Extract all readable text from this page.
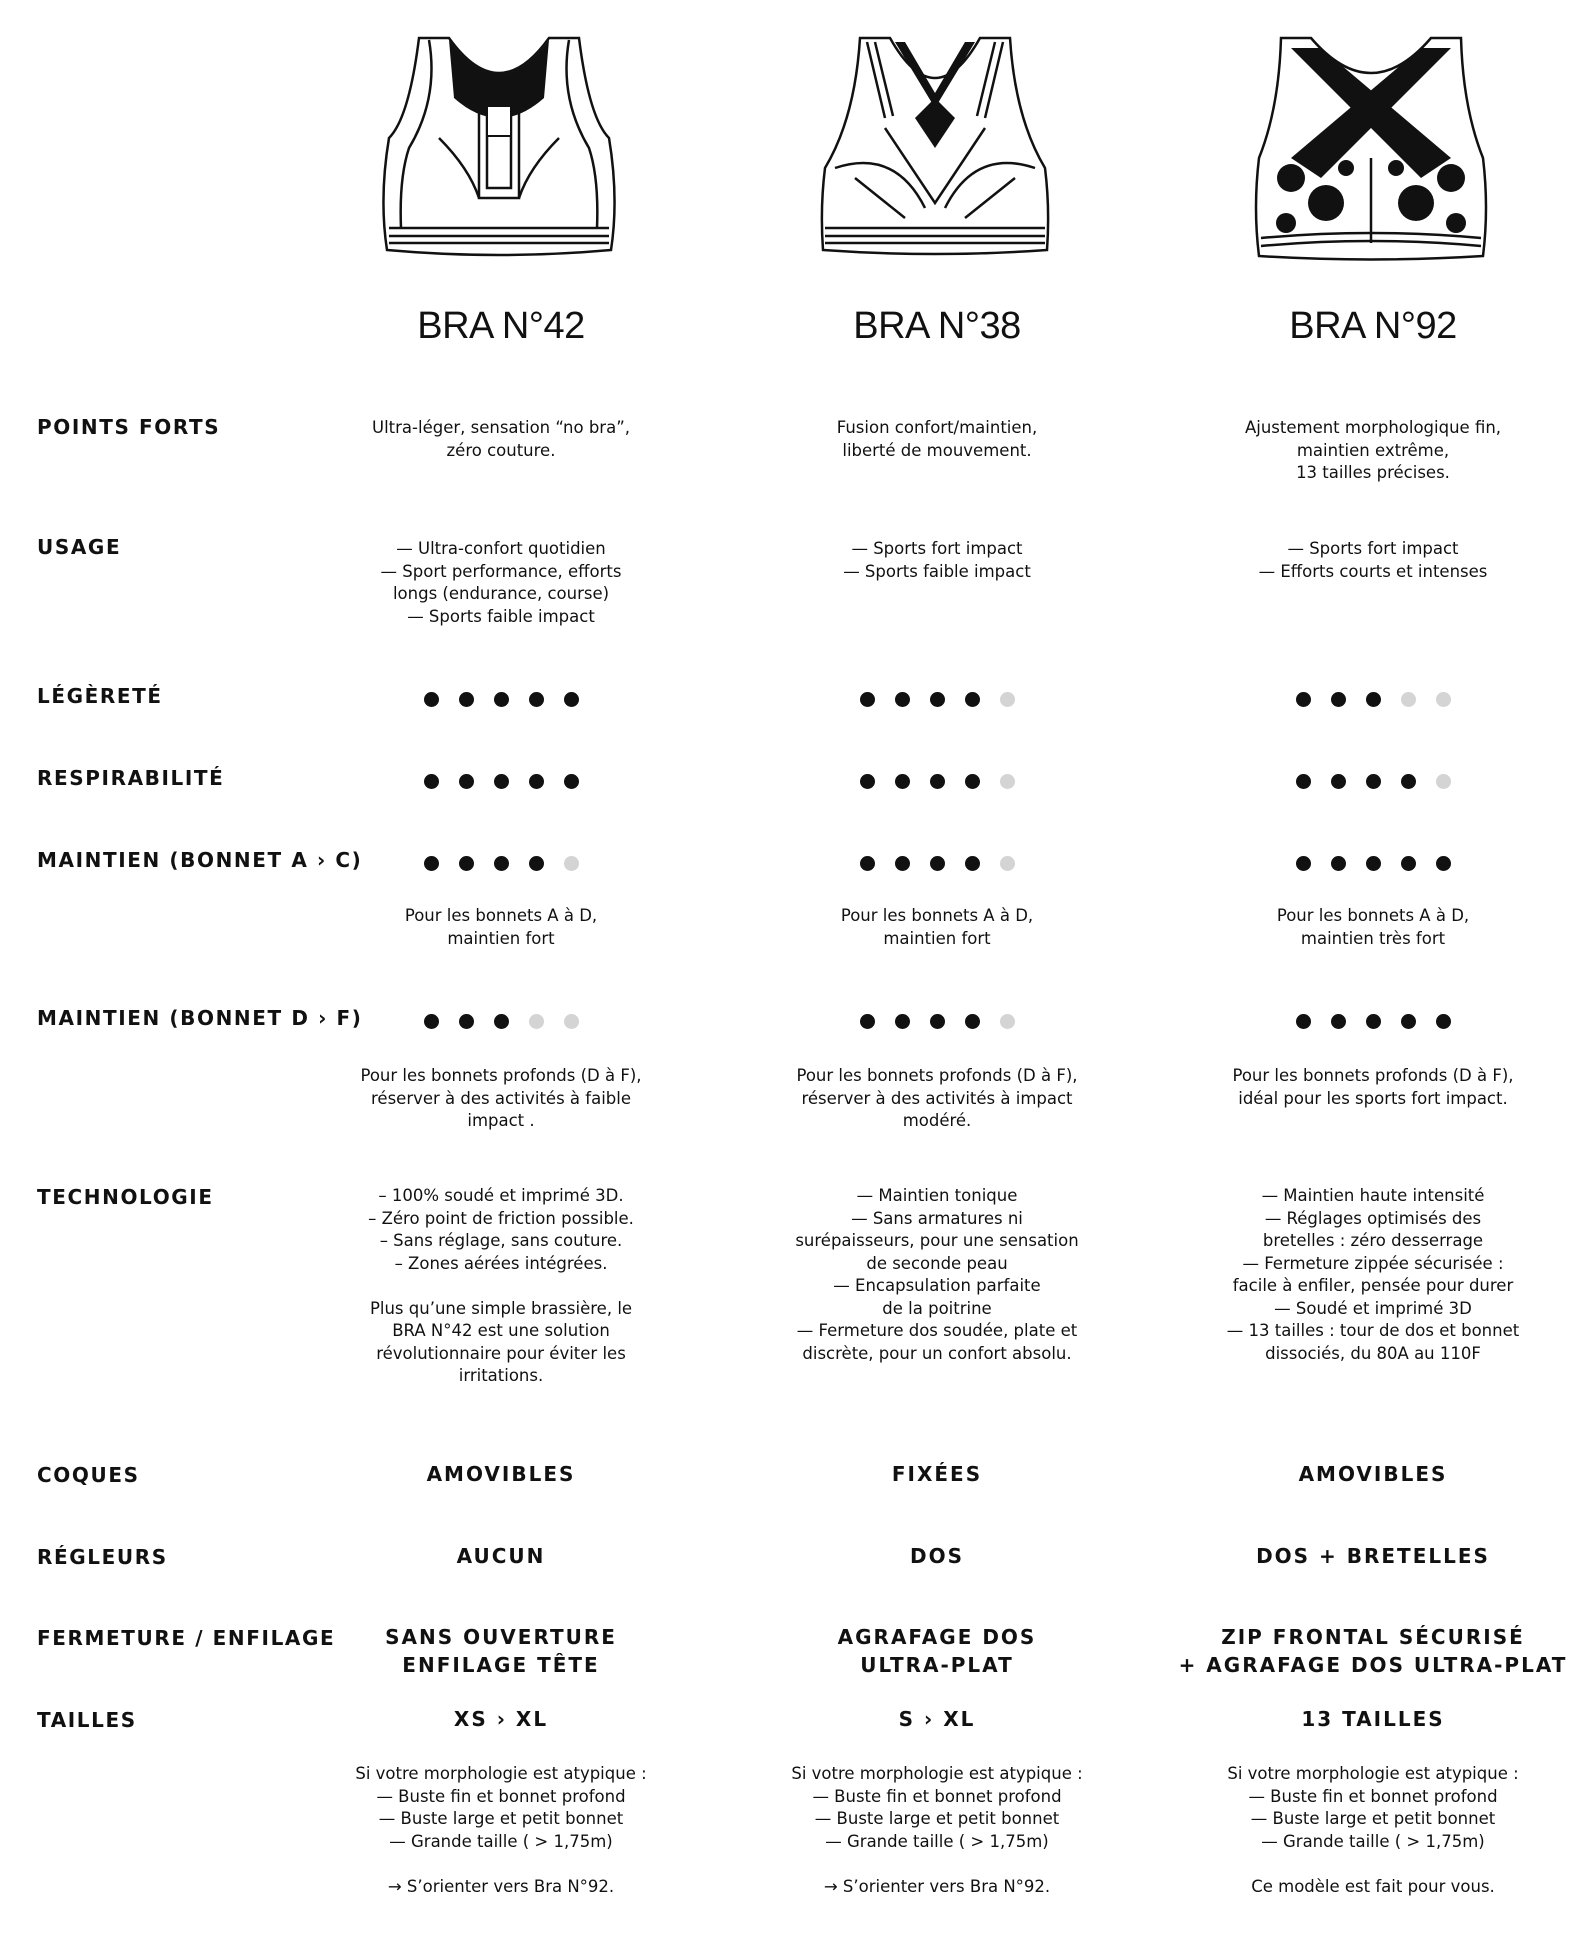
BRA N°42	BRA N°38	BRA N°92
POINTS FORTS
USAGE
LÉGÈRETÉ
RESPIRABILITÉ
MAINTIEN (BONNET A › C)
MAINTIEN (BONNET D › F)
TECHNOLOGIE
COQUES
RÉGLEURS
FERMETURE / ENFILAGE
TAILLES
Ultra-léger, sensation “no bra”,
zéro couture.
— Ultra-confort quotidien
— Sport performance, efforts
longs (endurance, course)
— Sports faible impact
Pour les bonnets A à D,
maintien fort
Pour les bonnets profonds (D à F),
réserver à des activités à faible
impact .
– 100% soudé et imprimé 3D.
– Zéro point de friction possible.
– Sans réglage, sans couture.
– Zones aérées intégrées.

Plus qu’une simple brassière, le
BRA N°42 est une solution
révolutionnaire pour éviter les
irritations.
AMOVIBLES
AUCUN
SANS OUVERTURE
ENFILAGE TÊTE
XS › XL
Si votre morphologie est atypique :
— Buste fin et bonnet profond
— Buste large et petit bonnet
— Grande taille ( > 1,75m)

→ S’orienter vers Bra N°92.
Fusion confort/maintien,
liberté de mouvement.
— Sports fort impact
— Sports faible impact
Pour les bonnets A à D,
maintien fort
Pour les bonnets profonds (D à F),
réserver à des activités à impact
modéré.
— Maintien tonique
— Sans armatures ni
surépaisseurs, pour une sensation
de seconde peau
— Encapsulation parfaite
de la poitrine
— Fermeture dos soudée, plate et
discrète, pour un confort absolu.
FIXÉES
DOS
AGRAFAGE DOS
ULTRA-PLAT
S › XL
Si votre morphologie est atypique :
— Buste fin et bonnet profond
— Buste large et petit bonnet
— Grande taille ( > 1,75m)

→ S’orienter vers Bra N°92.
Ajustement morphologique fin,
maintien extrême,
13 tailles précises.
— Sports fort impact
— Efforts courts et intenses
Pour les bonnets A à D,
maintien très fort
Pour les bonnets profonds (D à F),
idéal pour les sports fort impact.
— Maintien haute intensité
— Réglages optimisés des
bretelles : zéro desserrage
— Fermeture zippée sécurisée :
facile à enfiler, pensée pour durer
— Soudé et imprimé 3D
— 13 tailles : tour de dos et bonnet
dissociés, du 80A au 110F
AMOVIBLES
DOS + BRETELLES
ZIP FRONTAL SÉCURISÉ
+ AGRAFAGE DOS ULTRA-PLAT
13 TAILLES
Si votre morphologie est atypique :
— Buste fin et bonnet profond
— Buste large et petit bonnet
— Grande taille ( > 1,75m)

Ce modèle est fait pour vous.
